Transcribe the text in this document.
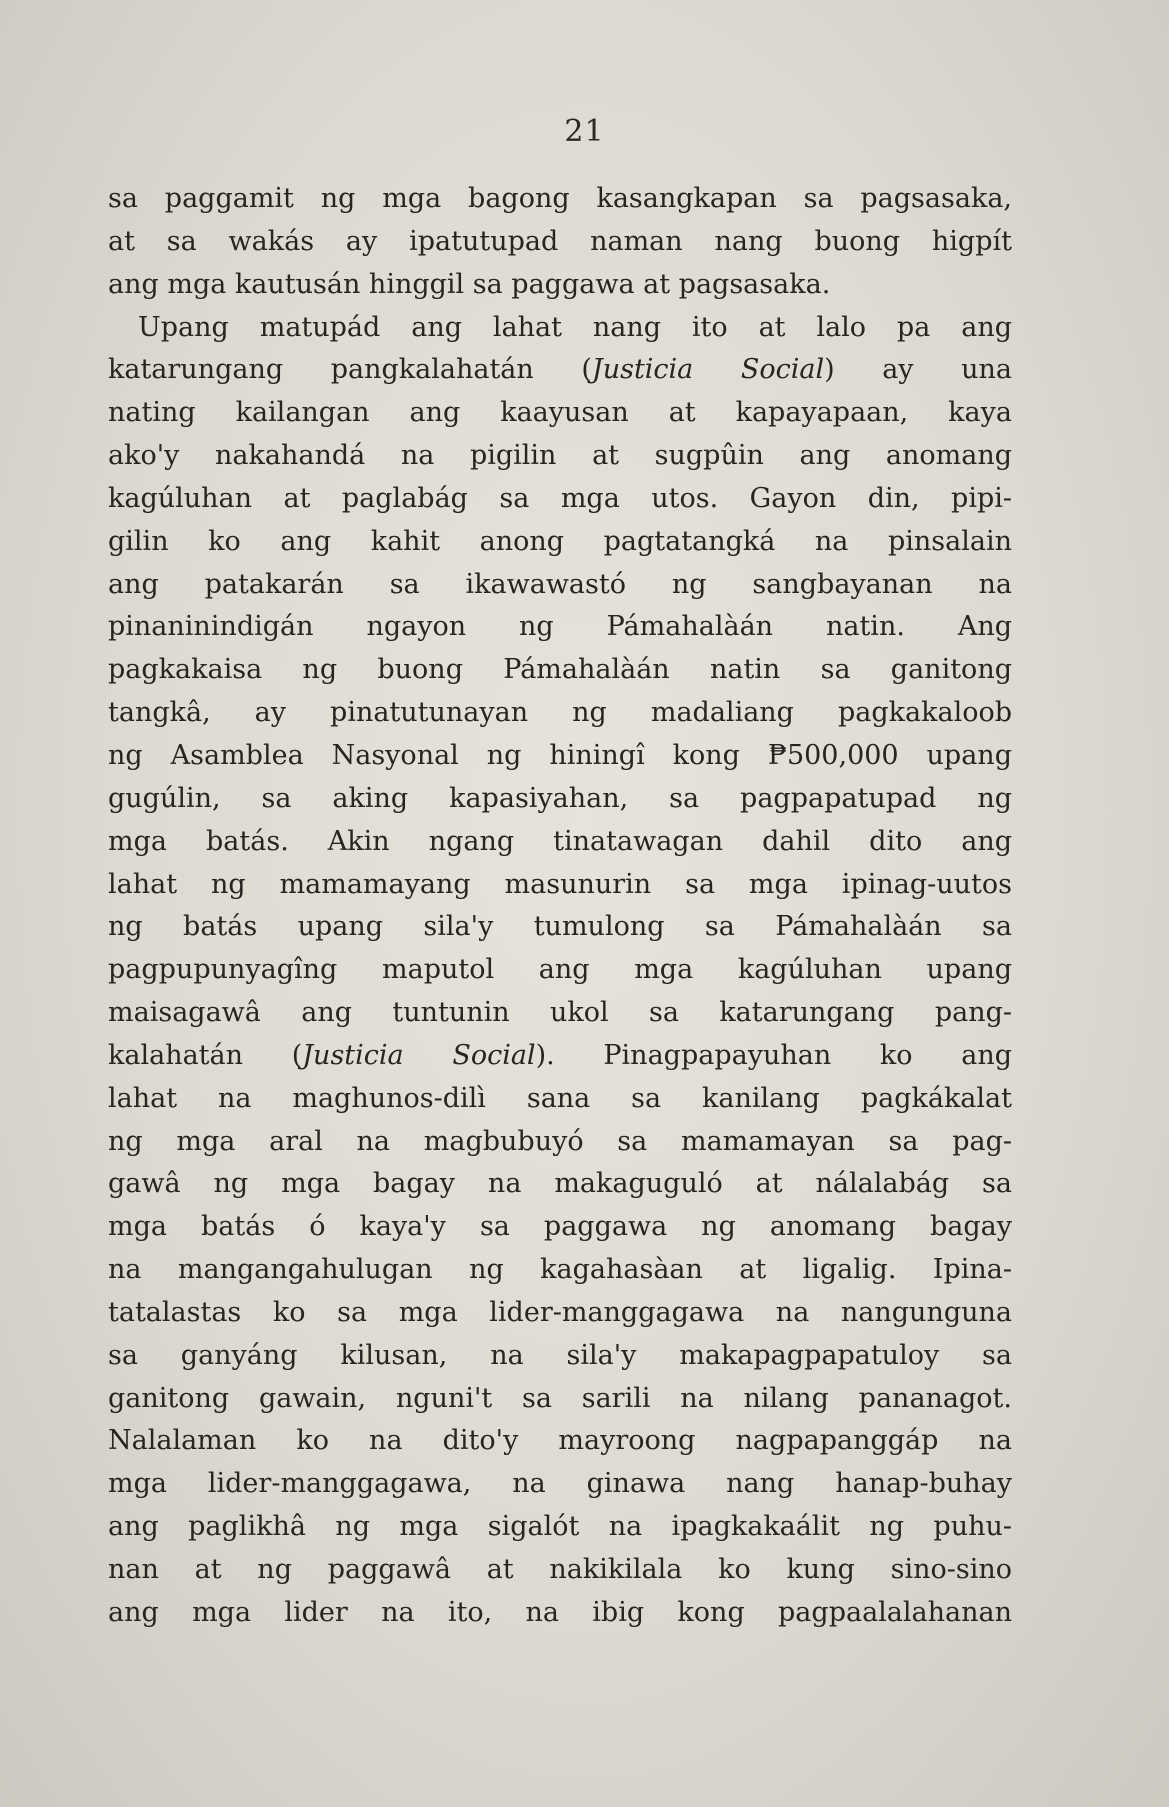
21
sa paggamit ng mga bagong kasangkapan sa pagsasaka,
at sa wakás ay ipatutupad naman nang buong higpít
ang mga kautusán hinggil sa paggawa at pagsasaka.
Upang matupád ang lahat nang ito at lalo pa ang
katarungang pangkalahatán (Justicia Social) ay una
nating kailangan ang kaayusan at kapayapaan, kaya
ako'y nakahandá na pigilin at sugpûin ang anomang
kagúluhan at paglabág sa mga utos. Gayon din, pipi-
gilin ko ang kahit anong pagtatangká na pinsalain
ang patakarán sa ikawawastó ng sangbayanan na
pinaninindigán ngayon ng Pámahalàán natin. Ang
pagkakaisa ng buong Pámahalàán natin sa ganitong
tangkâ, ay pinatutunayan ng madaliang pagkakaloob
ng Asamblea Nasyonal ng hiningî kong ₱500,000 upang
gugúlin, sa aking kapasiyahan, sa pagpapatupad ng
mga batás. Akin ngang tinatawagan dahil dito ang
lahat ng mamamayang masunurin sa mga ipinag-uutos
ng batás upang sila'y tumulong sa Pámahalàán sa
pagpupunyagîng maputol ang mga kagúluhan upang
maisagawâ ang tuntunin ukol sa katarungang pang-
kalahatán (Justicia Social). Pinagpapayuhan ko ang
lahat na maghunos-dilì sana sa kanilang pagkákalat
ng mga aral na magbubuyó sa mamamayan sa pag-
gawâ ng mga bagay na makaguguló at nálalabág sa
mga batás ó kaya'y sa paggawa ng anomang bagay
na mangangahulugan ng kagahasàan at ligalig. Ipina-
tatalastas ko sa mga lider-manggagawa na nangunguna
sa ganyáng kilusan, na sila'y makapagpapatuloy sa
ganitong gawain, nguni't sa sarili na nilang pananagot.
Nalalaman ko na dito'y mayroong nagpapanggáp na
mga lider-manggagawa, na ginawa nang hanap-buhay
ang paglikhâ ng mga sigalót na ipagkakaálit ng puhu-
nan at ng paggawâ at nakikilala ko kung sino-sino
ang mga lider na ito, na ibig kong pagpaalalahanan
